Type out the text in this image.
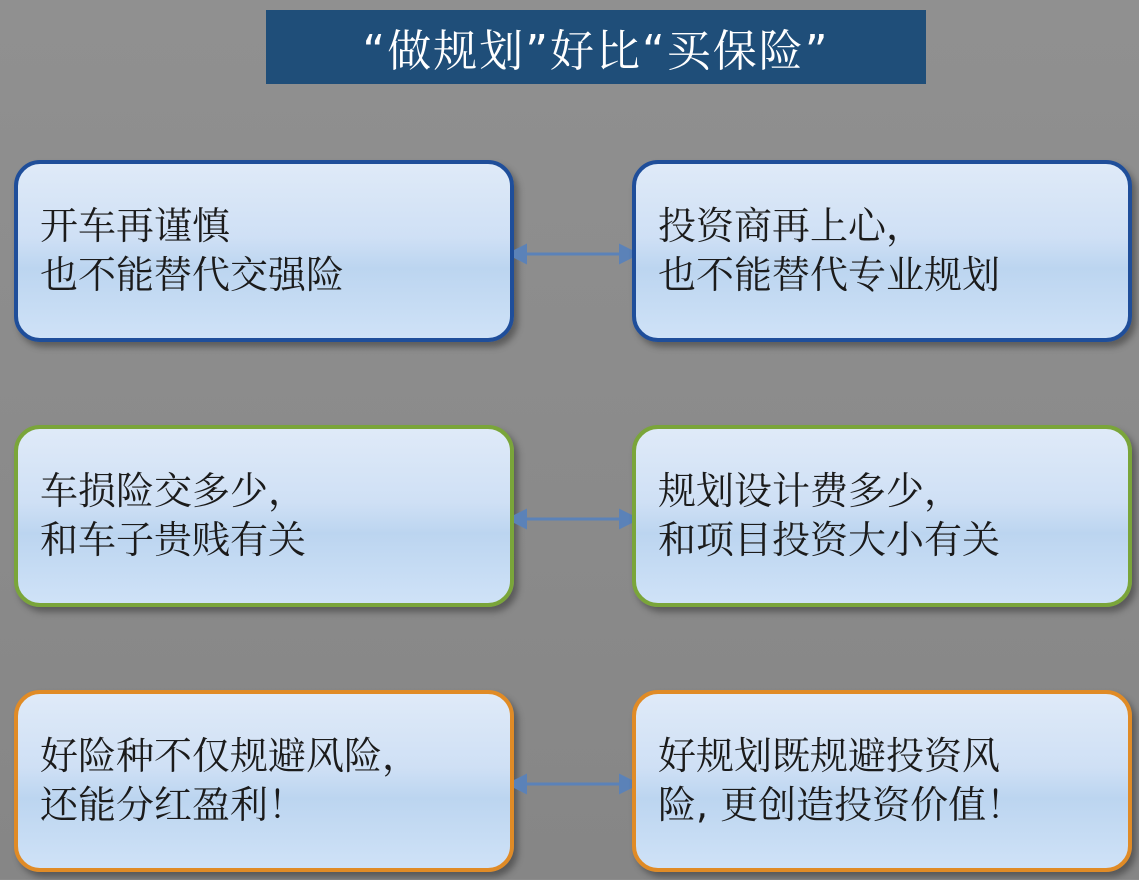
“做规划”好比“买保险”
开车再谨慎
也不能替代交强险
投资商再上心，
也不能替代专业规划
车损险交多少，
和车子贵贱有关
规划设计费多少，
和项目投资大小有关
好险种不仅规避风险，
还能分红盈利！
好规划既规避投资风
险, 更创造投资价值！
